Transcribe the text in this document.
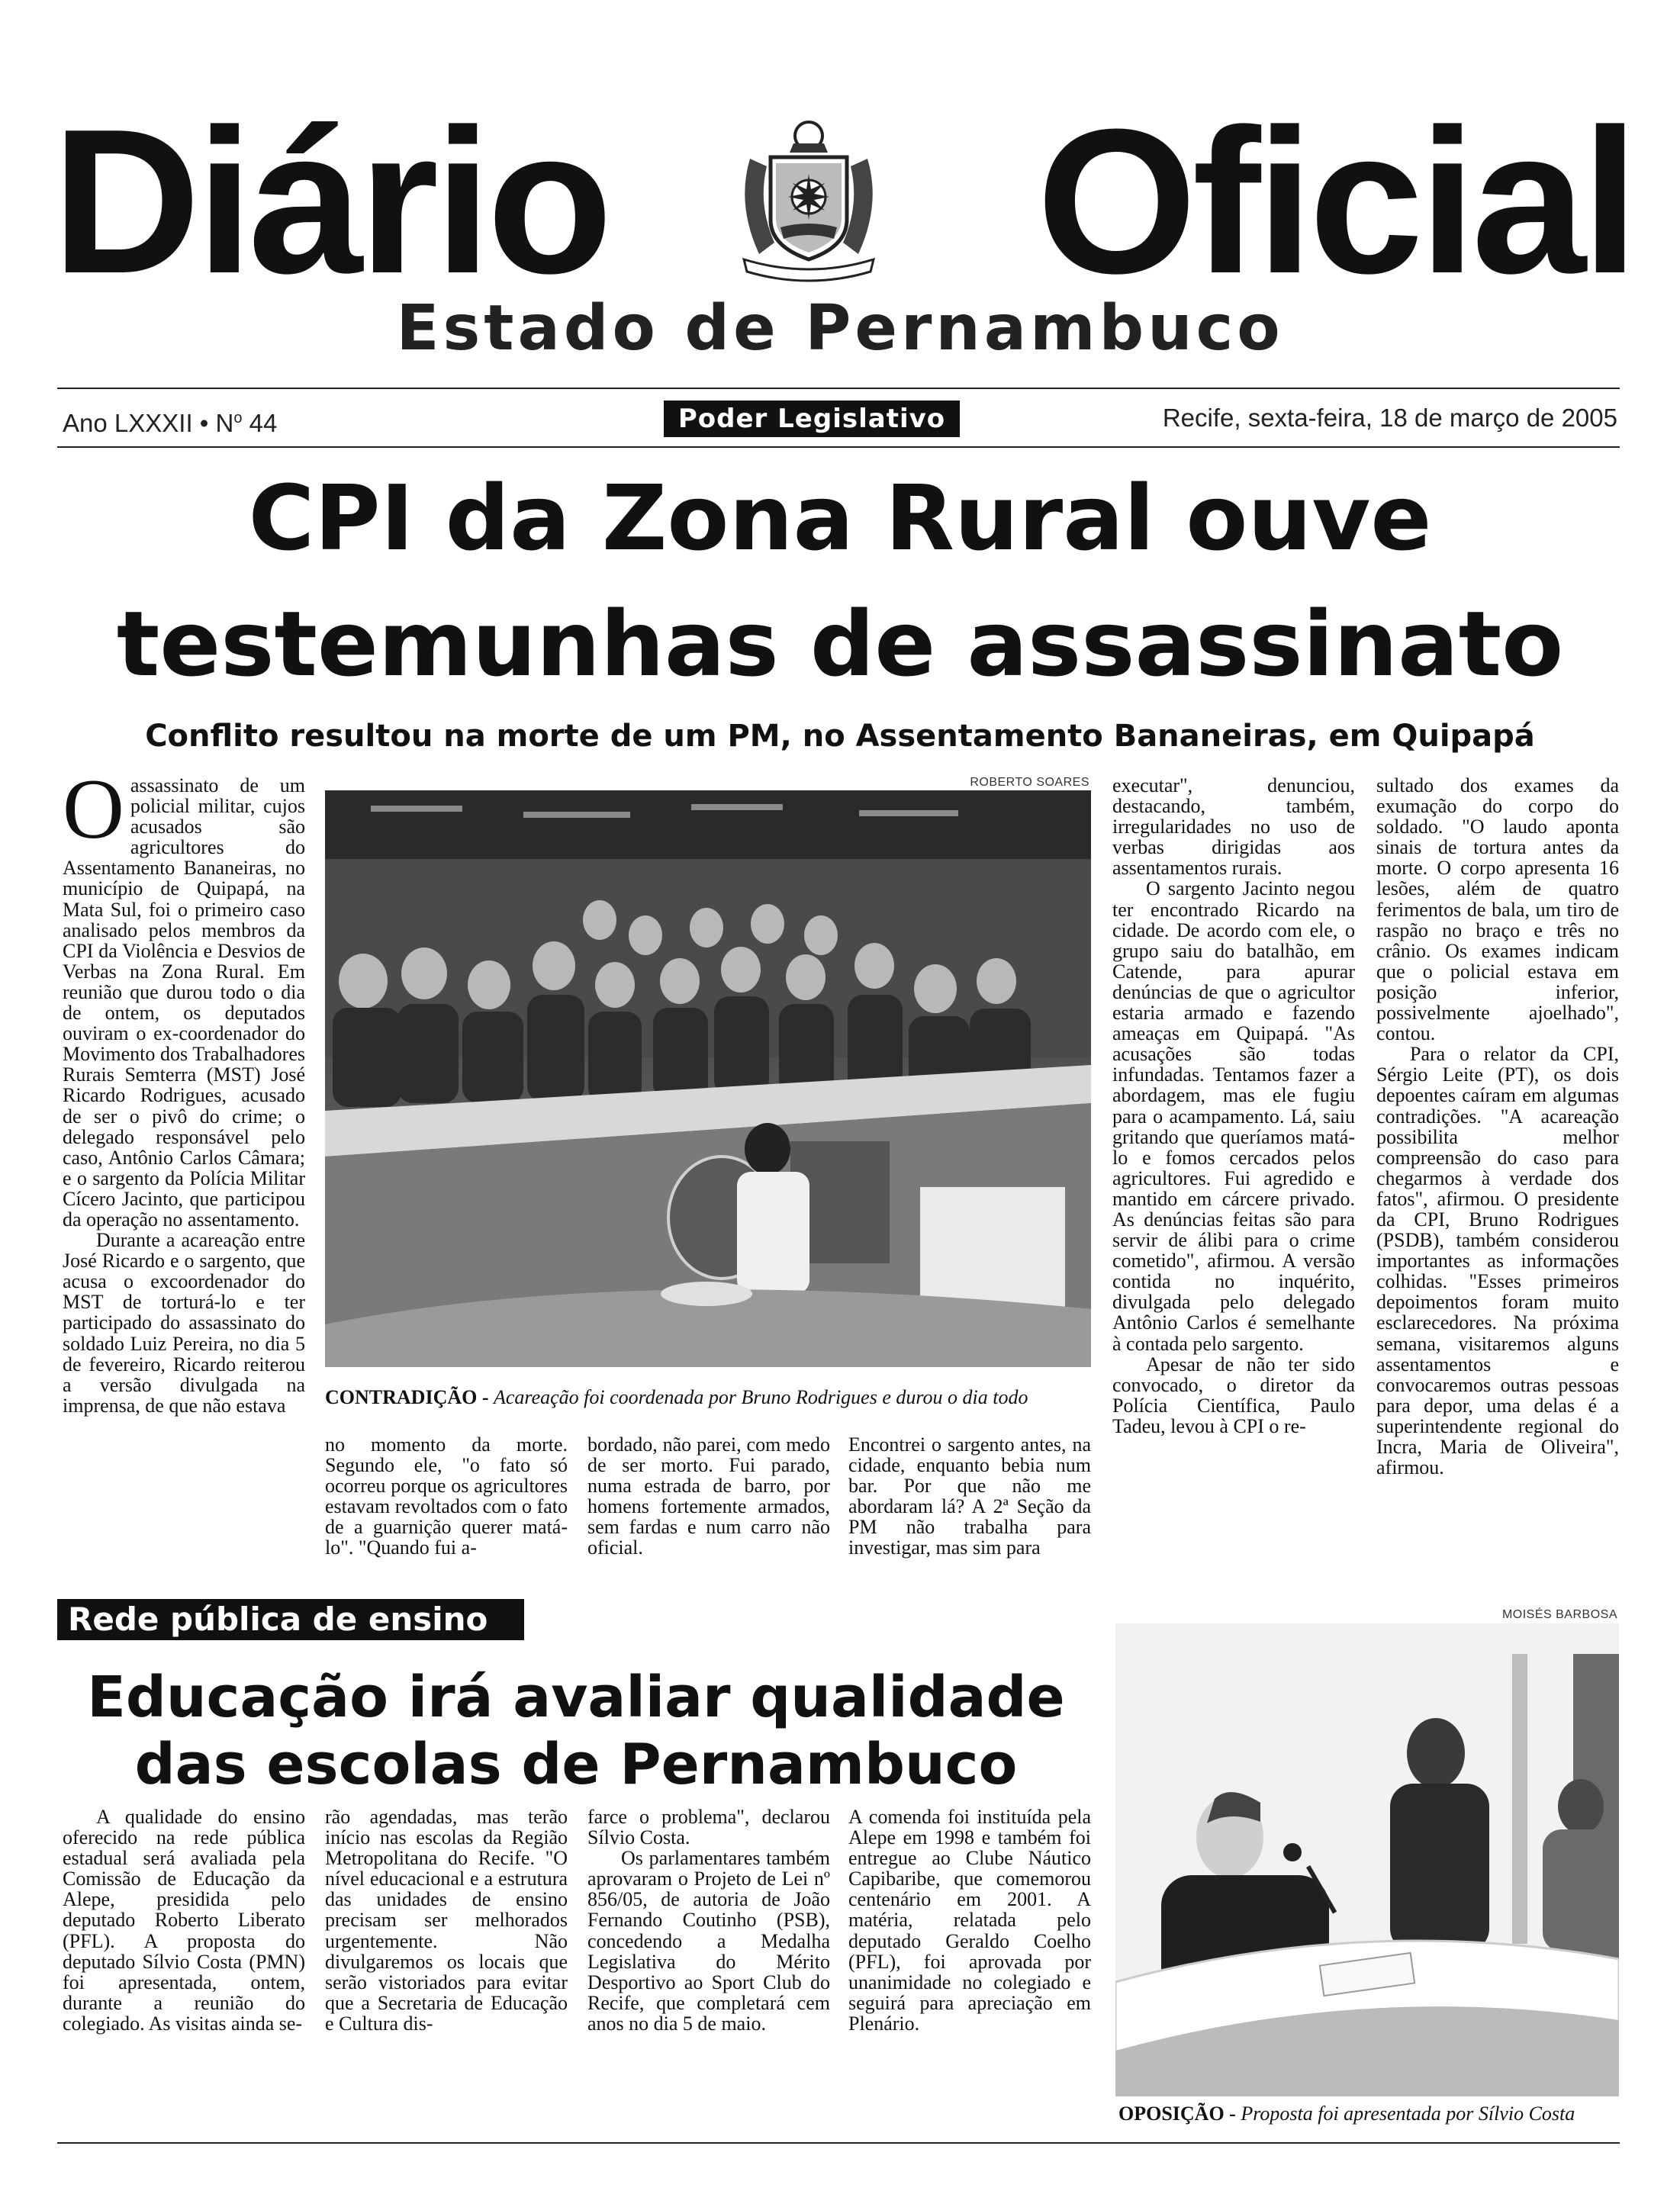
Diário Oficial
Estado de Pernambuco
Ano LXXXII • $N^o$ 44	Poder Legislativo	Recife, sexta-feira, 18 de março de 2005
CPI da Zona Rural ouve
testemunhas de assassinato
Conflito resultou na morte de um PM, no Assentamento Bananeiras, em Quipapá

Oassassinato de um policial militar, cujos acusados são agricultores do Assentamento Bananeiras, no município de Quipapá, na Mata Sul, foi o primeiro caso analisado pelos membros da CPI da Violência e Desvios de Verbas na Zona Rural. Em reunião que durou todo o dia de ontem, os deputados ouviram o ex-coordenador do Movimento dos Trabalhadores Rurais Semterra (MST) José Ricardo Rodrigues, acusado de ser o pivô do crime; o delegado responsável pelo caso, Antônio Carlos Câmara; e o sargento da Polícia Militar Cícero Jacinto, que participou da operação no assentamento.

Durante a acareação entre José Ricardo e o sargento, que acusa o excoordenador do MST de torturá-lo e ter participado do assassinato do soldado Luiz Pereira, no dia 5 de fevereiro, Ricardo reiterou a versão divulgada na imprensa, de que não estava

ROBERTO SOARES
CONTRADIÇÃO - Acareação foi coordenada por Bruno Rodrigues e durou o dia todo

no momento da morte. Segundo ele, "o fato só ocorreu porque os agricultores estavam revoltados com o fato de a guarnição querer matá-lo". "Quando fui a-

bordado, não parei, com medo de ser morto. Fui parado, numa estrada de barro, por homens fortemente armados, sem fardas e num carro não oficial.

Encontrei o sargento antes, na cidade, enquanto bebia num bar. Por que não me abordaram lá? A 2ª Seção da PM não trabalha para investigar, mas sim para

executar", denunciou, destacando, também, irregularidades no uso de verbas dirigidas aos assentamentos rurais.

O sargento Jacinto negou ter encontrado Ricardo na cidade. De acordo com ele, o grupo saiu do batalhão, em Catende, para apurar denúncias de que o agricultor estaria armado e fazendo ameaças em Quipapá. "As acusações são todas infundadas. Tentamos fazer a abordagem, mas ele fugiu para o acampamento. Lá, saiu gritando que queríamos matá-lo e fomos cercados pelos agricultores. Fui agredido e mantido em cárcere privado. As denúncias feitas são para servir de álibi para o crime cometido", afirmou. A versão contida no inquérito, divulgada pelo delegado Antônio Carlos é semelhante à contada pelo sargento.

Apesar de não ter sido convocado, o diretor da Polícia Científica, Paulo Tadeu, levou à CPI o re-

sultado dos exames da exumação do corpo do soldado. "O laudo aponta sinais de tortura antes da morte. O corpo apresenta 16 lesões, além de quatro ferimentos de bala, um tiro de raspão no braço e três no crânio. Os exames indicam que o policial estava em posição inferior, possivelmente ajoelhado", contou.

Para o relator da CPI, Sérgio Leite (PT), os dois depoentes caíram em algumas contradições. "A acareação possibilita melhor compreensão do caso para chegarmos à verdade dos fatos", afirmou. O presidente da CPI, Bruno Rodrigues (PSDB), também considerou importantes as informações colhidas. "Esses primeiros depoimentos foram muito esclarecedores. Na próxima semana, visitaremos alguns assentamentos e convocaremos outras pessoas para depor, uma delas é a superintendente regional do Incra, Maria de Oliveira", afirmou.

Rede pública de ensino
Educação irá avaliar qualidade
das escolas de Pernambuco

A qualidade do ensino oferecido na rede pública estadual será avaliada pela Comissão de Educação da Alepe, presidida pelo deputado Roberto Liberato (PFL). A proposta do deputado Sílvio Costa (PMN) foi apresentada, ontem, durante a reunião do colegiado. As visitas ainda se-

rão agendadas, mas terão início nas escolas da Região Metropolitana do Recife. "O nível educacional e a estrutura das unidades de ensino precisam ser melhorados urgentemente. Não divulgaremos os locais que serão vistoriados para evitar que a Secretaria de Educação e Cultura dis-

farce o problema", declarou Sílvio Costa.

Os parlamentares também aprovaram o Projeto de Lei nº 856/05, de autoria de João Fernando Coutinho (PSB), concedendo a Medalha Legislativa do Mérito Desportivo ao Sport Club do Recife, que completará cem anos no dia 5 de maio.

A comenda foi instituída pela Alepe em 1998 e também foi entregue ao Clube Náutico Capibaribe, que comemorou centenário em 2001. A matéria, relatada pelo deputado Geraldo Coelho (PFL), foi aprovada por unanimidade no colegiado e seguirá para apreciação em Plenário.

MOISÉS BARBOSA
OPOSIÇÃO - Proposta foi apresentada por Sílvio Costa
